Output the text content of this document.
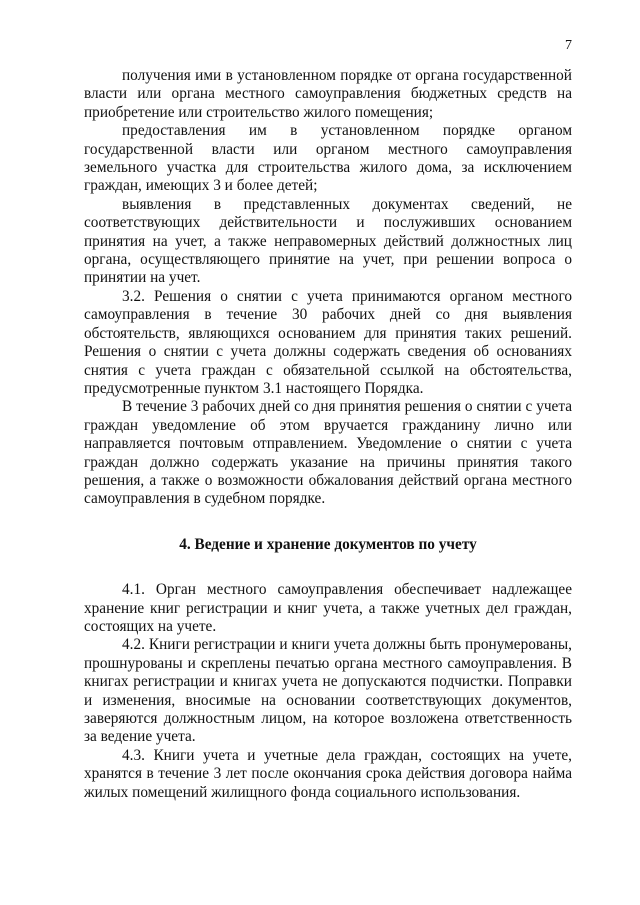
7

получения ими в установленном порядке от органа государственной власти или органа местного самоуправления бюджетных средств на приобретение или строительство жилого помещения;

предоставления им в установленном порядке органом государственной власти или органом местного самоуправления земельного участка для строительства жилого дома, за исключением граждан, имеющих 3 и более детей;

выявления в представленных документах сведений, не соответствующих действительности и послуживших основанием принятия на учет, а также неправомерных действий должностных лиц органа, осуществляющего принятие на учет, при решении вопроса о принятии на учет.

3.2. Решения о снятии с учета принимаются органом местного самоуправления в течение 30 рабочих дней со дня выявления обстоятельств, являющихся основанием для принятия таких решений. Решения о снятии с учета должны содержать сведения об основаниях снятия с учета граждан с обязательной ссылкой на обстоятельства, предусмотренные пунктом 3.1 настоящего Порядка.

В течение 3 рабочих дней со дня принятия решения о снятии с учета граждан уведомление об этом вручается гражданину лично или направляется почтовым отправлением. Уведомление о снятии с учета граждан должно содержать указание на причины принятия такого решения, а также о возможности обжалования действий органа местного самоуправления в судебном порядке.

4. Ведение и хранение документов по учету

4.1. Орган местного самоуправления обеспечивает надлежащее хранение книг регистрации и книг учета, а также учетных дел граждан, состоящих на учете.

4.2. Книги регистрации и книги учета должны быть пронумерованы, прошнурованы и скреплены печатью органа местного самоуправления. В книгах регистрации и книгах учета не допускаются подчистки. Поправки и изменения, вносимые на основании соответствующих документов, заверяются должностным лицом, на которое возложена ответственность за ведение учета.

4.3. Книги учета и учетные дела граждан, состоящих на учете, хранятся в течение 3 лет после окончания срока действия договора найма жилых помещений жилищного фонда социального использования.
